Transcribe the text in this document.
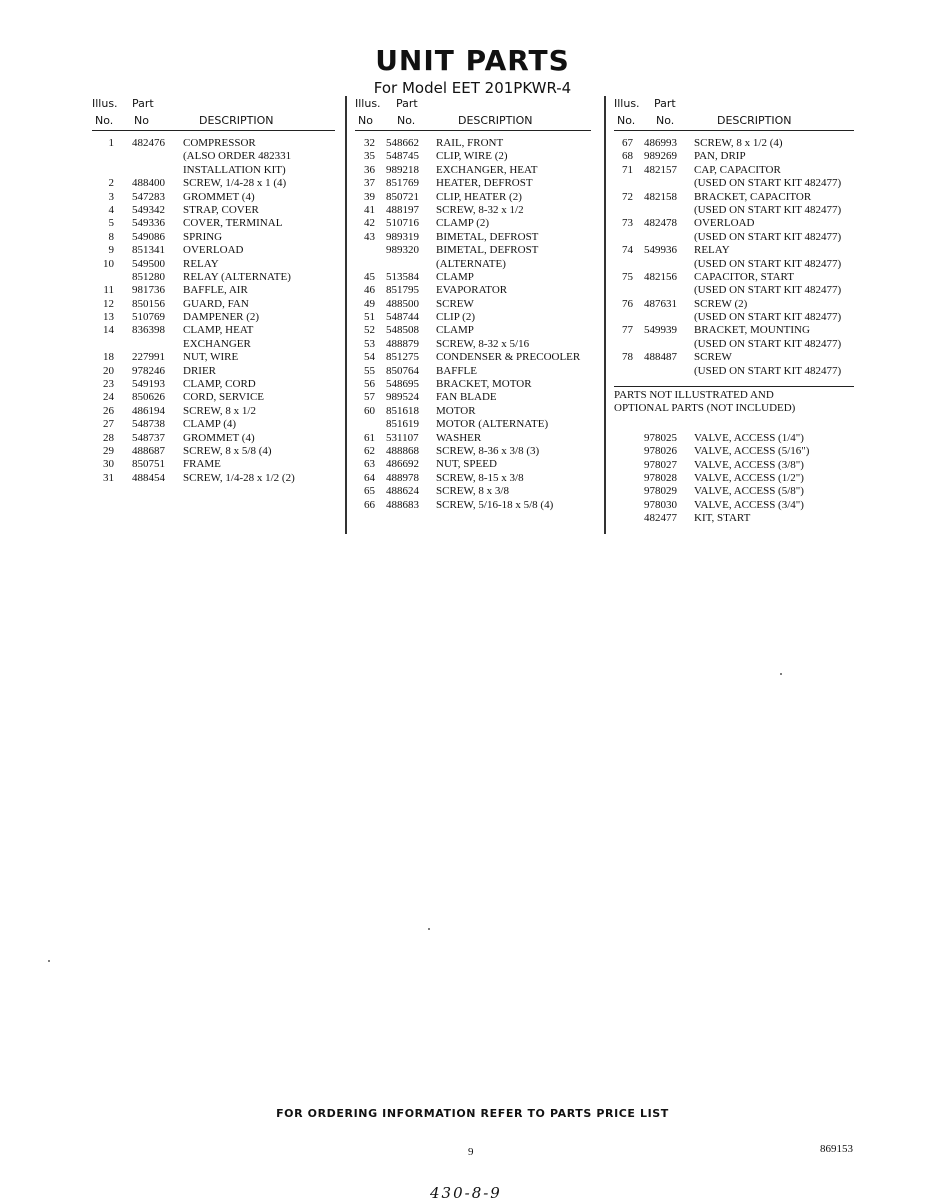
UNIT PARTS
For Model EET 201PKWR-4
Illus. Part
No. No	DESCRIPTION
1 482476 COMPRESSOR
(ALSO ORDER 482331
INSTALLATION KIT)
2 488400 SCREW, 1/4-28 x 1 (4)
3 547283 GROMMET (4)
4 549342 STRAP, COVER
5 549336 COVER, TERMINAL
8 549086 SPRING
9 851341 OVERLOAD
10 549500 RELAY
851280 RELAY (ALTERNATE)
11 981736 BAFFLE, AIR
12 850156 GUARD, FAN
13 510769 DAMPENER (2)
14 836398 CLAMP, HEAT
EXCHANGER
18 227991 NUT, WIRE
20 978246 DRIER
23 549193 CLAMP, CORD
24 850626 CORD, SERVICE
26 486194 SCREW, 8 x 1/2
27 548738 CLAMP (4)
28 548737 GROMMET (4)
29 488687 SCREW, 8 x 5/8 (4)
30 850751 FRAME
31 488454 SCREW, 1/4-28 x 1/2 (2)
Illus. Part
No No.	DESCRIPTION
32 548662 RAIL, FRONT
35 548745 CLIP, WIRE (2)
36 989218 EXCHANGER, HEAT
37 851769 HEATER, DEFROST
39 850721 CLIP, HEATER (2)
41 488197 SCREW, 8-32 x 1/2
42 510716 CLAMP (2)
43 989319 BIMETAL, DEFROST
989320 BIMETAL, DEFROST
(ALTERNATE)
45 513584 CLAMP
46 851795 EVAPORATOR
49 488500 SCREW
51 548744 CLIP (2)
52 548508 CLAMP
53 488879 SCREW, 8-32 x 5/16
54 851275 CONDENSER & PRECOOLER
55 850764 BAFFLE
56 548695 BRACKET, MOTOR
57 989524 FAN BLADE
60 851618 MOTOR
851619 MOTOR (ALTERNATE)
61 531107 WASHER
62 488868 SCREW, 8-36 x 3/8 (3)
63 486692 NUT, SPEED
64 488978 SCREW, 8-15 x 3/8
65 488624 SCREW, 8 x 3/8
66 488683 SCREW, 5/16-18 x 5/8 (4)
Illus. Part
No. No.	DESCRIPTION
67 486993 SCREW, 8 x 1/2 (4)
68 989269 PAN, DRIP
71 482157 CAP, CAPACITOR
(USED ON START KIT 482477)
72 482158 BRACKET, CAPACITOR
(USED ON START KIT 482477)
73 482478 OVERLOAD
(USED ON START KIT 482477)
74 549936 RELAY
(USED ON START KIT 482477)
75 482156 CAPACITOR, START
(USED ON START KIT 482477)
76 487631 SCREW (2)
(USED ON START KIT 482477)
77 549939 BRACKET, MOUNTING
(USED ON START KIT 482477)
78 488487 SCREW
(USED ON START KIT 482477)
PARTS NOT ILLUSTRATED AND
OPTIONAL PARTS (NOT INCLUDED)
978025 VALVE, ACCESS (1/4")
978026 VALVE, ACCESS (5/16")
978027 VALVE, ACCESS (3/8")
978028 VALVE, ACCESS (1/2")
978029 VALVE, ACCESS (5/8")
978030 VALVE, ACCESS (3/4")
482477 KIT, START
FOR ORDERING INFORMATION REFER TO PARTS PRICE LIST
9	869153
430-8-9
